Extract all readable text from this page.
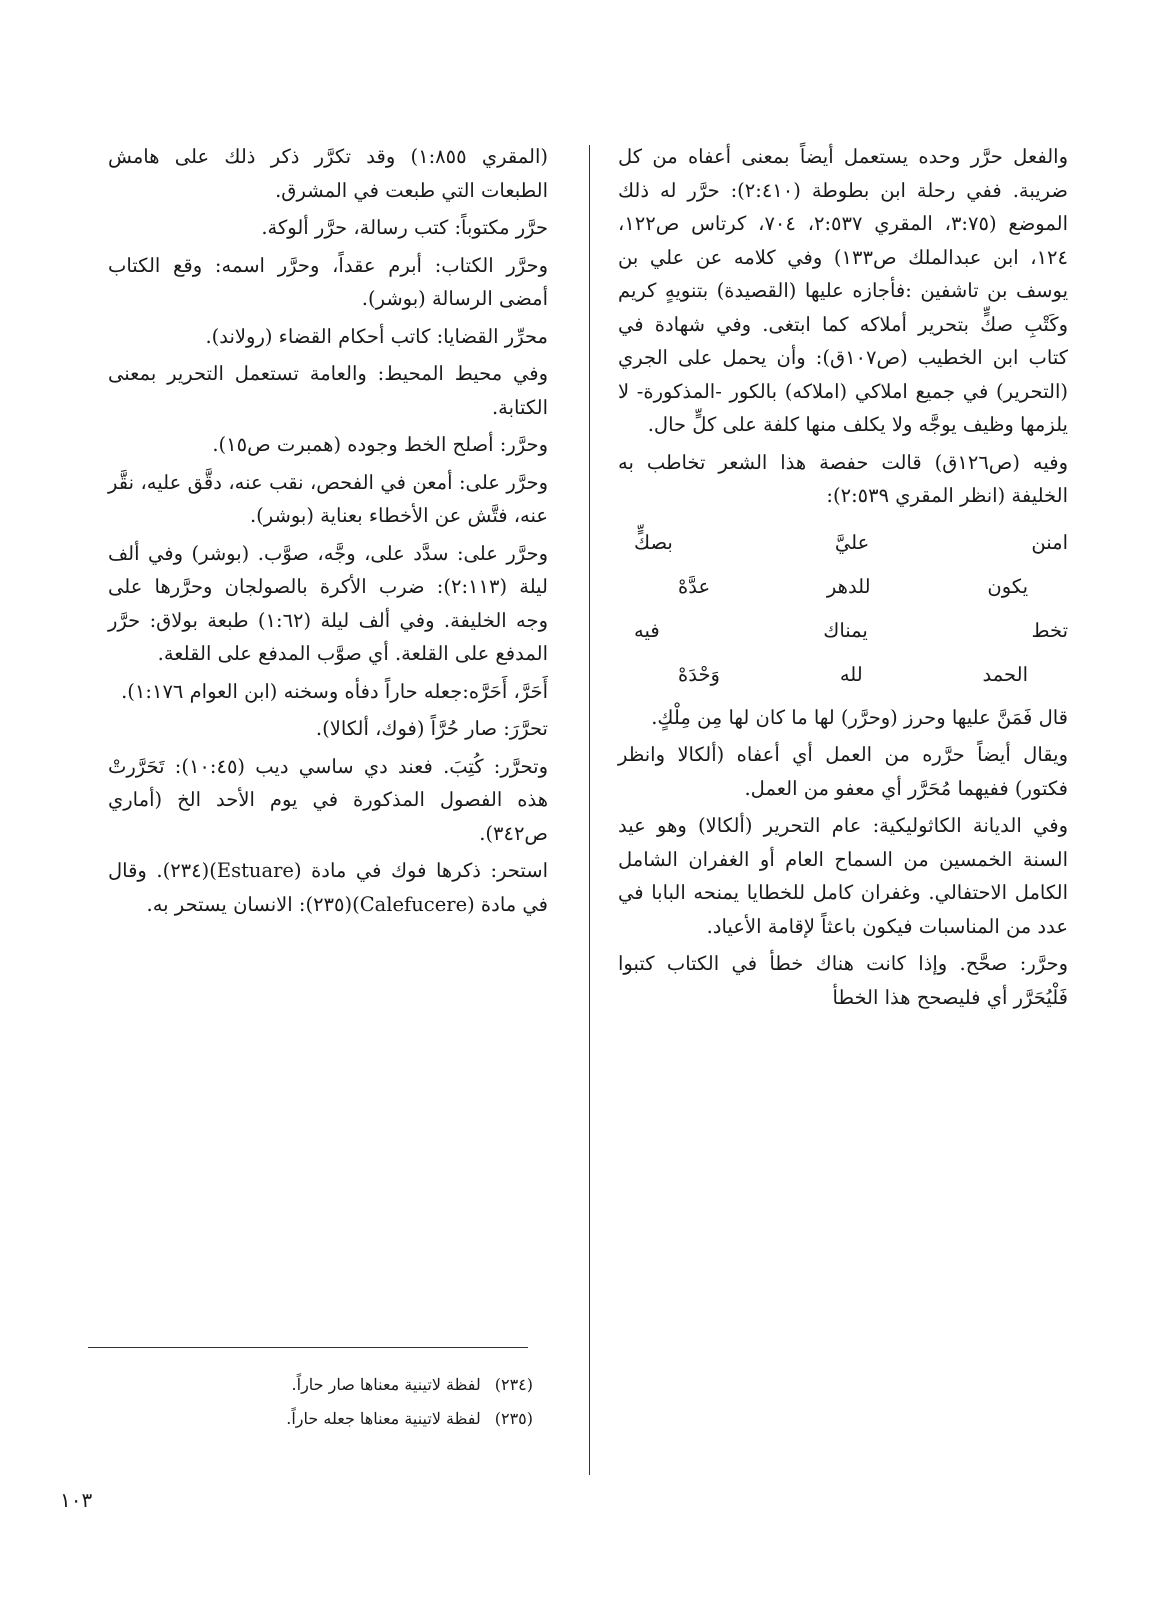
والفعل حرَّر وحده يستعمل أيضاً بمعنى أعفاه من كل ضريبة. ففي رحلة ابن بطوطة (٢:٤١٠): حرَّر له ذلك الموضع (٣:٧٥، المقري ٢:٥٣٧، ٧٠٤، كرتاس ص١٢٢، ١٢٤، ابن عبدالملك ص١٣٣) وفي كلامه عن علي بن يوسف بن تاشفين :فأجازه عليها (القصيدة) بتنويهٍ كريم وكَتْبِ صكٍّ بتحرير أملاكه كما ابتغى. وفي شهادة في كتاب ابن الخطيب (ص١٠٧ق): وأن يحمل على الجري (التحرير) في جميع املاكي (املاكه) بالكور -المذكورة- لا يلزمها وظيف يوجَّه ولا يكلف منها كلفة على كلٍّ حال.

وفيه (ص١٢٦ق) قالت حفصة هذا الشعر تخاطب به الخليفة (انظر المقري ٢:٥٣٩):

امنن
عليَّ
بصكٍّ
يكون
للدهر
عدَّهْ
تخط
يمناك
فيه
الحمد
لله
وَحْدَهْ

قال فَمَنَّ عليها وحرز (وحرَّر) لها ما كان لها مِن مِلْكٍ.

ويقال أيضاً حرَّره من العمل أي أعفاه (ألكالا وانظر فكتور) ففيهما مُحَرَّر أي معفو من العمل.

وفي الديانة الكاثوليكية: عام التحرير (ألكالا) وهو عيد السنة الخمسين من السماح العام أو الغفران الشامل الكامل الاحتفالي. وغفران كامل للخطايا يمنحه البابا في عدد من المناسبات فيكون باعثاً لإقامة الأعياد.

وحرَّر: صحَّح. وإذا كانت هناك خطأ في الكتاب كتبوا فَلْيُحَرَّر أي فليصحح هذا الخطأ

(المقري ١:٨٥٥) وقد تكرَّر ذكر ذلك على هامش الطبعات التي طبعت في المشرق.

حرَّر مكتوباً: كتب رسالة، حرَّر ألوكة.

وحرَّر الكتاب: أبرم عقداً، وحرَّر اسمه: وقع الكتاب أمضى الرسالة (بوشر).

محرِّر القضايا: كاتب أحكام القضاء (رولاند).

وفي محيط المحيط: والعامة تستعمل التحرير بمعنى الكتابة.

وحرَّر: أصلح الخط وجوده (همبرت ص١٥).

وحرَّر على: أمعن في الفحص، نقب عنه، دقَّق عليه، نقَّر عنه، فتَّش عن الأخطاء بعناية (بوشر).

وحرَّر على: سدَّد على، وجَّه، صوَّب. (بوشر) وفي ألف ليلة (٢:١١٣): ضرب الأكرة بالصولجان وحرَّرها على وجه الخليفة. وفي ألف ليلة (١:٦٢) طبعة بولاق: حرَّر المدفع على القلعة. أي صوَّب المدفع على القلعة.

أَحَرَّ، أَحَرَّه:جعله حاراً دفأه وسخنه (ابن العوام ١:١٧٦).

تحرَّرَ: صار حُرَّاً (فوك، ألكالا).

وتحرَّر: كُتِبَ. فعند دي ساسي ديب (١٠:٤٥): تَحَرَّرتْ هذه الفصول المذكورة في يوم الأحد الخ (أماري ص٣٤٢).

استحر: ذكرها فوك في مادة (Estuare)(٢٣٤). وقال في مادة (Calefucere)(٢٣٥): الانسان يستحر به.

(٢٣٤)
لفظة لاتينية معناها صار حاراً.
(٢٣٥)
لفظة لاتينية معناها جعله حاراً.
١٠٣
